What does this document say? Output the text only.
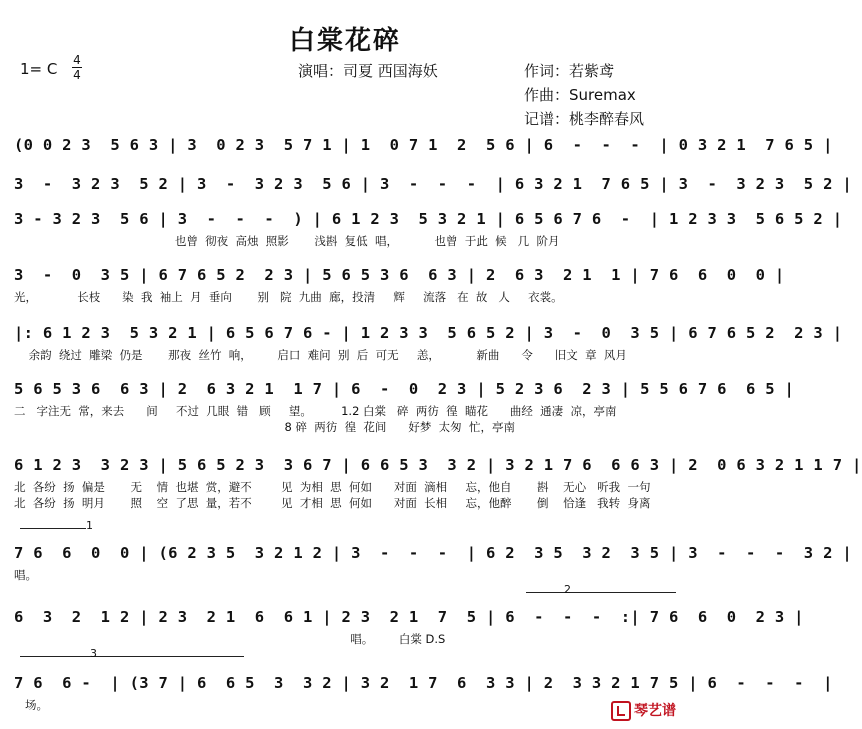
白棠花碎
1= C 4
4	演唱：司夏 西国海妖	作词：若紫鸢
作曲：Suremax
记谱：桃李醉春风
(0 0 2 3  5 6 3 | 3  0 2 3  5 7 1 | 1  0 7 1  2  5 6 | 6  -  -  -  | 0 3 2 1  7 6 5 |
3  -  3 2 3  5 2 | 3  -  3 2 3  5 6 | 3  -  -  -  | 6 3 2 1  7 6 5 | 3  -  3 2 3  5 2 |
3 - 3 2 3  5 6 | 3  -  -  -  ) | 6 1 2 3  5 3 2 1 | 6 5 6 7 6  -  | 1 2 3 3  5 6 5 2 |
也曾  彻夜  高烛  照影       浅斟  复低  唱，          也曾  于此  候   几  阶月
3  -  0  3 5 | 6 7 6 5 2  2 3 | 5 6 5 3 6  6 3 | 2  6 3  2 1  1 | 7 6  6  0  0 |
光，           长枝      染  我  袖上  月  垂向       别   院  九曲  廊，投清     辉     流落   在  故   人     衣裳。
|: 6 1 2 3  5 3 2 1 | 6 5 6 7 6 - | 1 2 3 3  5 6 5 2 | 3  -  0  3 5 | 6 7 6 5 2  2 3 |
余韵  绕过  雕梁  仍是       那夜  丝竹  响，       启口  难问  别  后  可无     恙，          新曲      令      旧文  章  风月
5 6 5 3 6  6 3 | 2  6 3 2 1  1 7 | 6  -  0  2 3 | 5 2 3 6  2 3 | 5 5 6 7 6  6 5 |
二   字注无  常，来去      间     不过  几眼  错   顾     望。        1.2 白棠   碎  两彷  徨  瞄花      曲经  通凄  凉，亭南
8 碎  两彷  徨  花间      好梦  太匆  忙，亭南
6 1 2 3  3 2 3 | 5 6 5 2 3  3 6 7 | 6 6 5 3  3 2 | 3 2 1 7 6  6 6 3 | 2  0 6 3 2 1 1 7 |
北  各纷  扬  偏是       无    情  也堪  赏，避不        见  为相  思  何如      对面  滴相     忘，他自       斟    无心   听我  一句
北  各纷  扬  明月       照    空  了思  量，若不        见  才相  思  何如      对面  长相     忘，他醉       倒    恰逢   我转  身离
1
7 6  6  0  0 | (6 2 3 5  3 2 1 2 | 3  -  -  -  | 6 2  3 5  3 2  3 5 | 3  -  -  -  3 2 |
唱。
2
6  3  2  1 2 | 2 3  2 1  6  6 1 | 2 3  2 1  7  5 | 6  -  -  -  :| 7 6  6  0  2 3 |
唱。       白棠 D.S
3
7 6  6 -  | (3 7 | 6  6 5  3  3 2 | 3 2  1 7  6  3 3 | 2  3 3 2 1 7 5 | 6  -  -  -  |
场。	琴艺谱
